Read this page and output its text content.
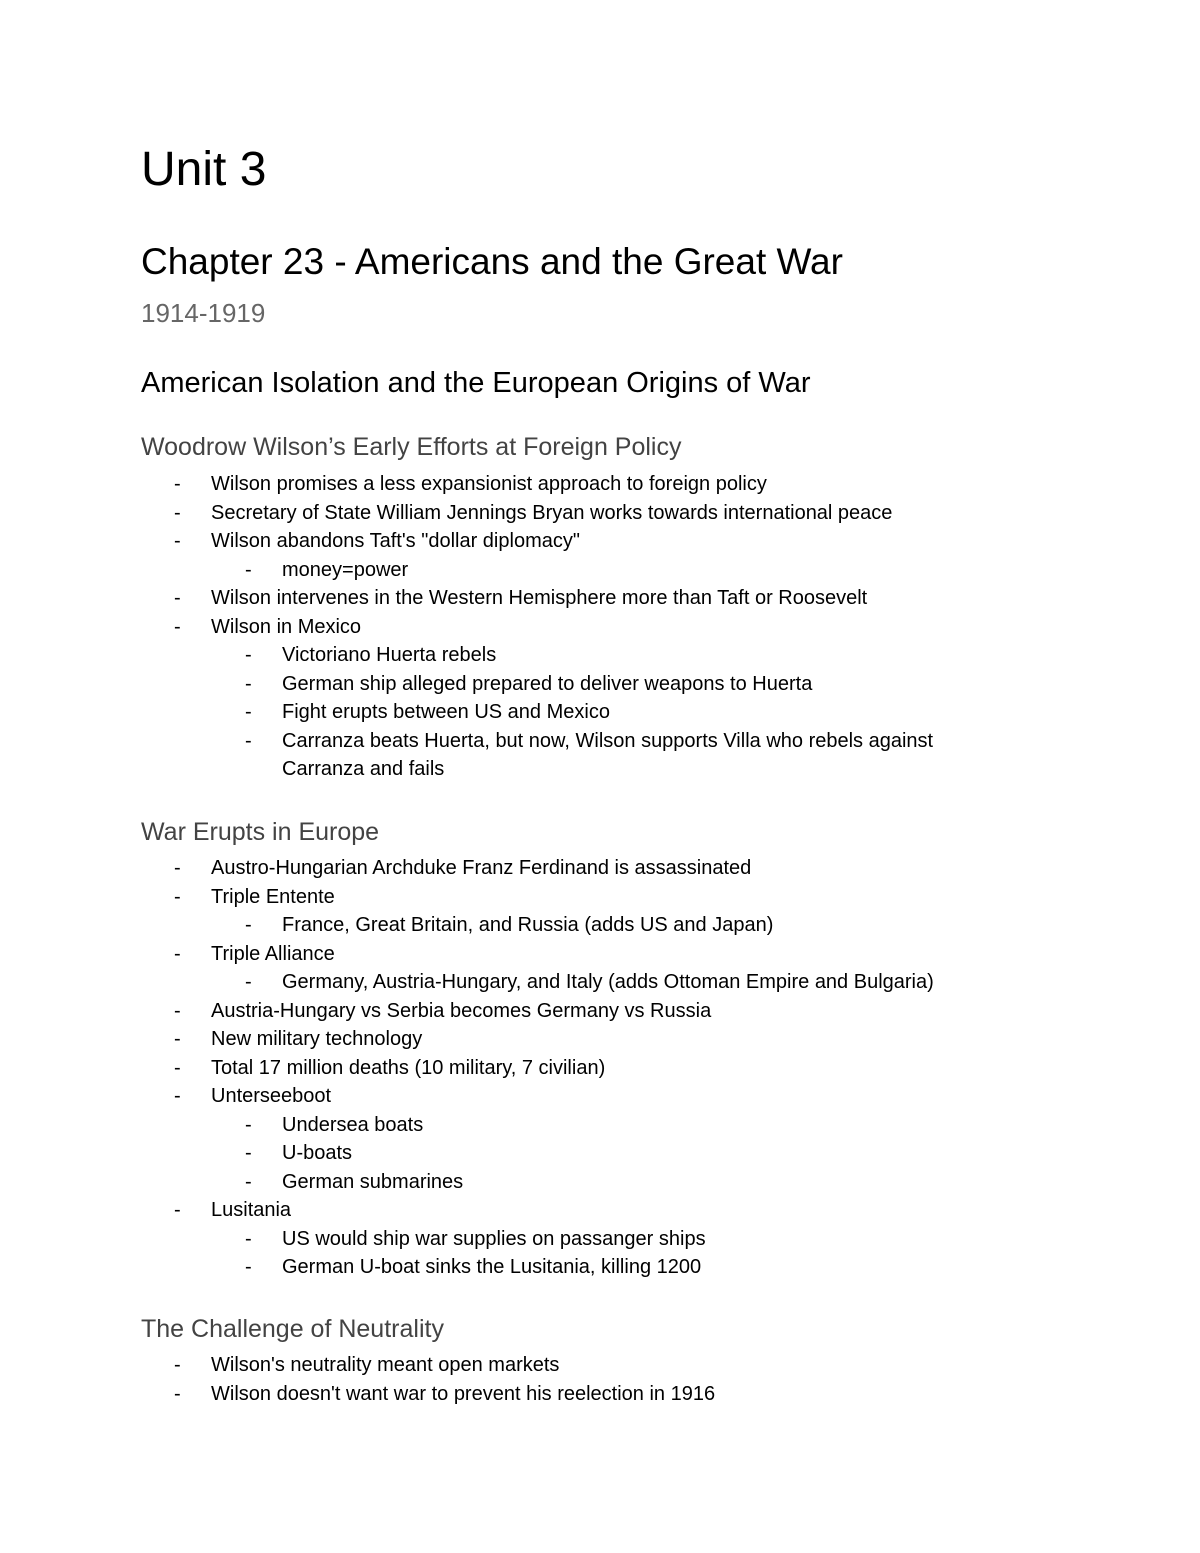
Unit 3
Chapter 23 - Americans and the Great War
1914-1919
American Isolation and the European Origins of War
Woodrow Wilson’s Early Efforts at Foreign Policy
- Wilson promises a less expansionist approach to foreign policy
- Secretary of State William Jennings Bryan works towards international peace
- Wilson abandons Taft's "dollar diplomacy"
- money=power
- Wilson intervenes in the Western Hemisphere more than Taft or Roosevelt
- Wilson in Mexico
- Victoriano Huerta rebels
- German ship alleged prepared to deliver weapons to Huerta
- Fight erupts between US and Mexico
- Carranza beats Huerta, but now, Wilson supports Villa who rebels against Carranza and fails
War Erupts in Europe
- Austro-Hungarian Archduke Franz Ferdinand is assassinated
- Triple Entente
- France, Great Britain, and Russia (adds US and Japan)
- Triple Alliance
- Germany, Austria-Hungary, and Italy (adds Ottoman Empire and Bulgaria)
- Austria-Hungary vs Serbia becomes Germany vs Russia
- New military technology
- Total 17 million deaths (10 military, 7 civilian)
- Unterseeboot
- Undersea boats
- U-boats
- German submarines
- Lusitania
- US would ship war supplies on passanger ships
- German U-boat sinks the Lusitania, killing 1200
The Challenge of Neutrality
- Wilson's neutrality meant open markets
- Wilson doesn't want war to prevent his reelection in 1916
